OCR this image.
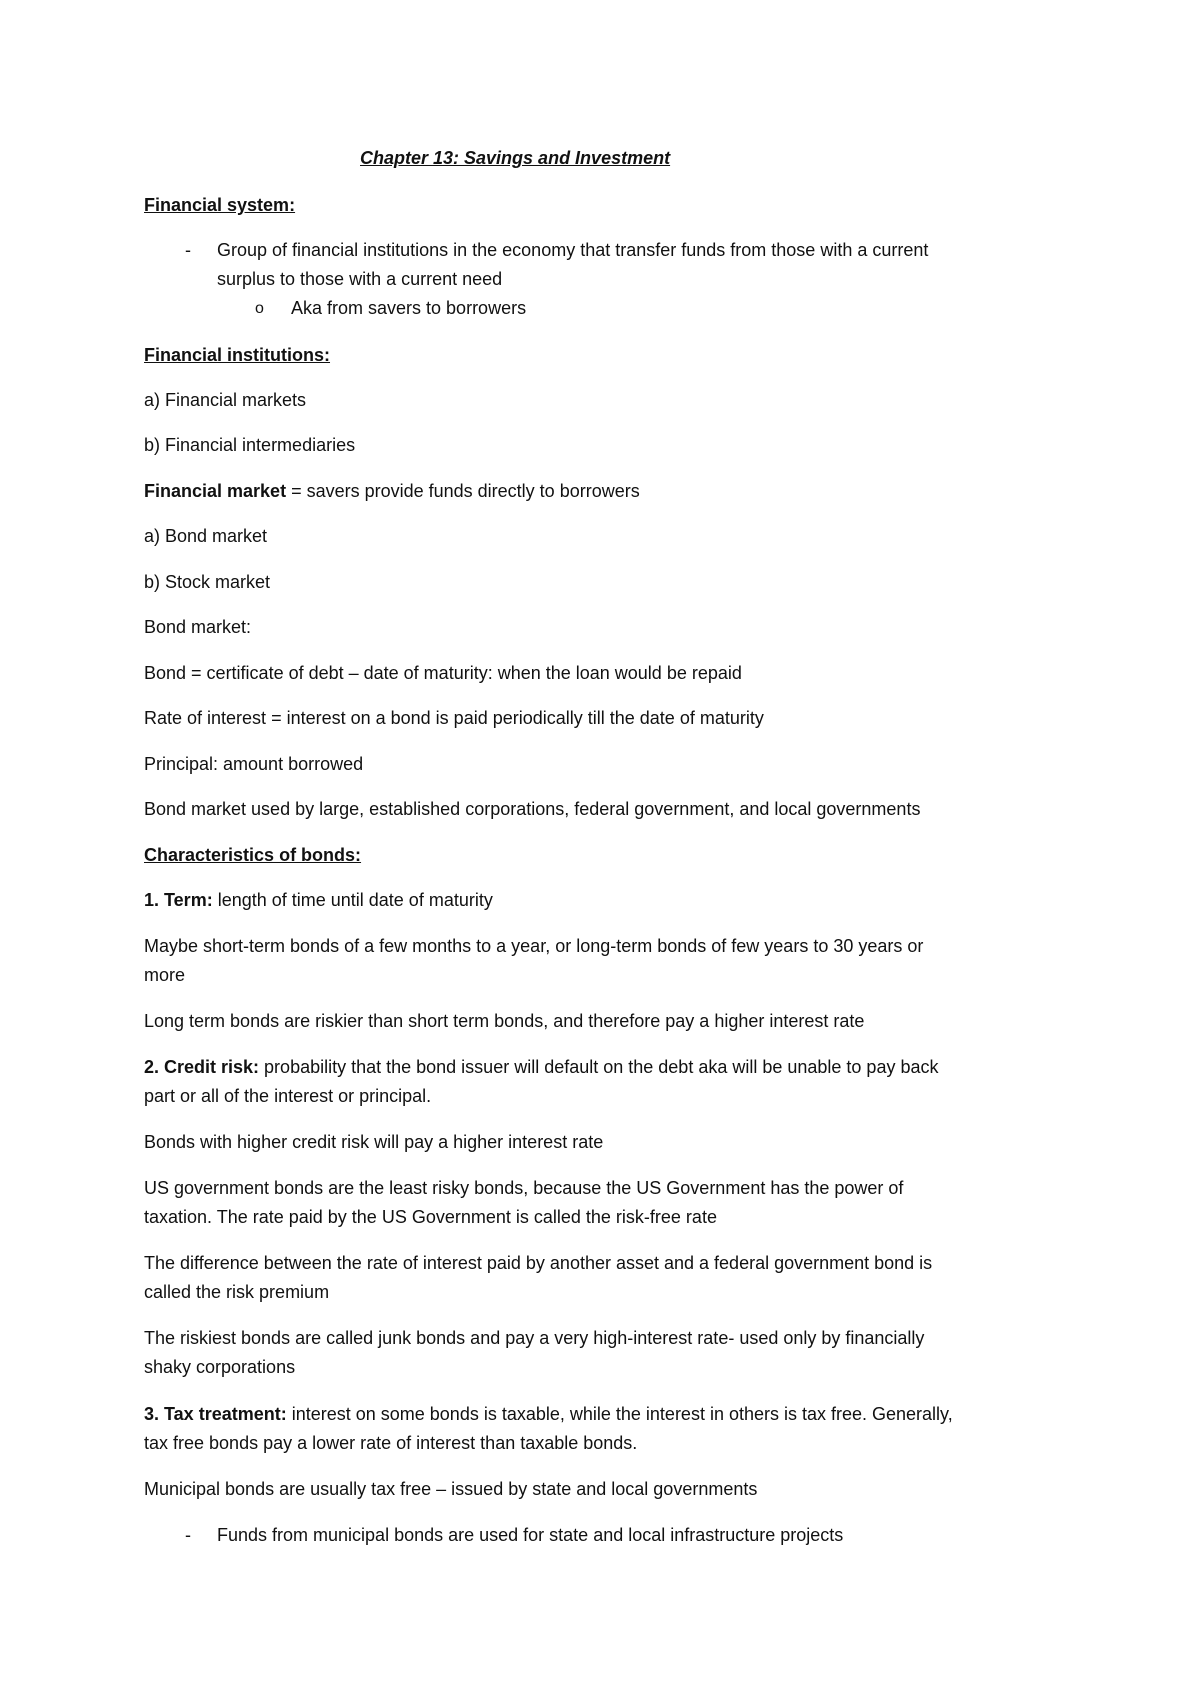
Chapter 13: Savings and Investment

Financial system:

- Group of financial institutions in the economy that transfer funds from those with a current

surplus to those with a current need

o Aka from savers to borrowers

Financial institutions:

a) Financial markets

b) Financial intermediaries

Financial market = savers provide funds directly to borrowers

a) Bond market

b) Stock market

Bond market:

Bond = certificate of debt – date of maturity: when the loan would be repaid

Rate of interest = interest on a bond is paid periodically till the date of maturity

Principal: amount borrowed

Bond market used by large, established corporations, federal government, and local governments

Characteristics of bonds:

1. Term: length of time until date of maturity

Maybe short-term bonds of a few months to a year, or long-term bonds of few years to 30 years or

more

Long term bonds are riskier than short term bonds, and therefore pay a higher interest rate

2. Credit risk: probability that the bond issuer will default on the debt aka will be unable to pay back

part or all of the interest or principal.

Bonds with higher credit risk will pay a higher interest rate

US government bonds are the least risky bonds, because the US Government has the power of

taxation. The rate paid by the US Government is called the risk-free rate

The difference between the rate of interest paid by another asset and a federal government bond is

called the risk premium

The riskiest bonds are called junk bonds and pay a very high-interest rate- used only by financially

shaky corporations

3. Tax treatment: interest on some bonds is taxable, while the interest in others is tax free. Generally,

tax free bonds pay a lower rate of interest than taxable bonds.

Municipal bonds are usually tax free – issued by state and local governments

- Funds from municipal bonds are used for state and local infrastructure projects
